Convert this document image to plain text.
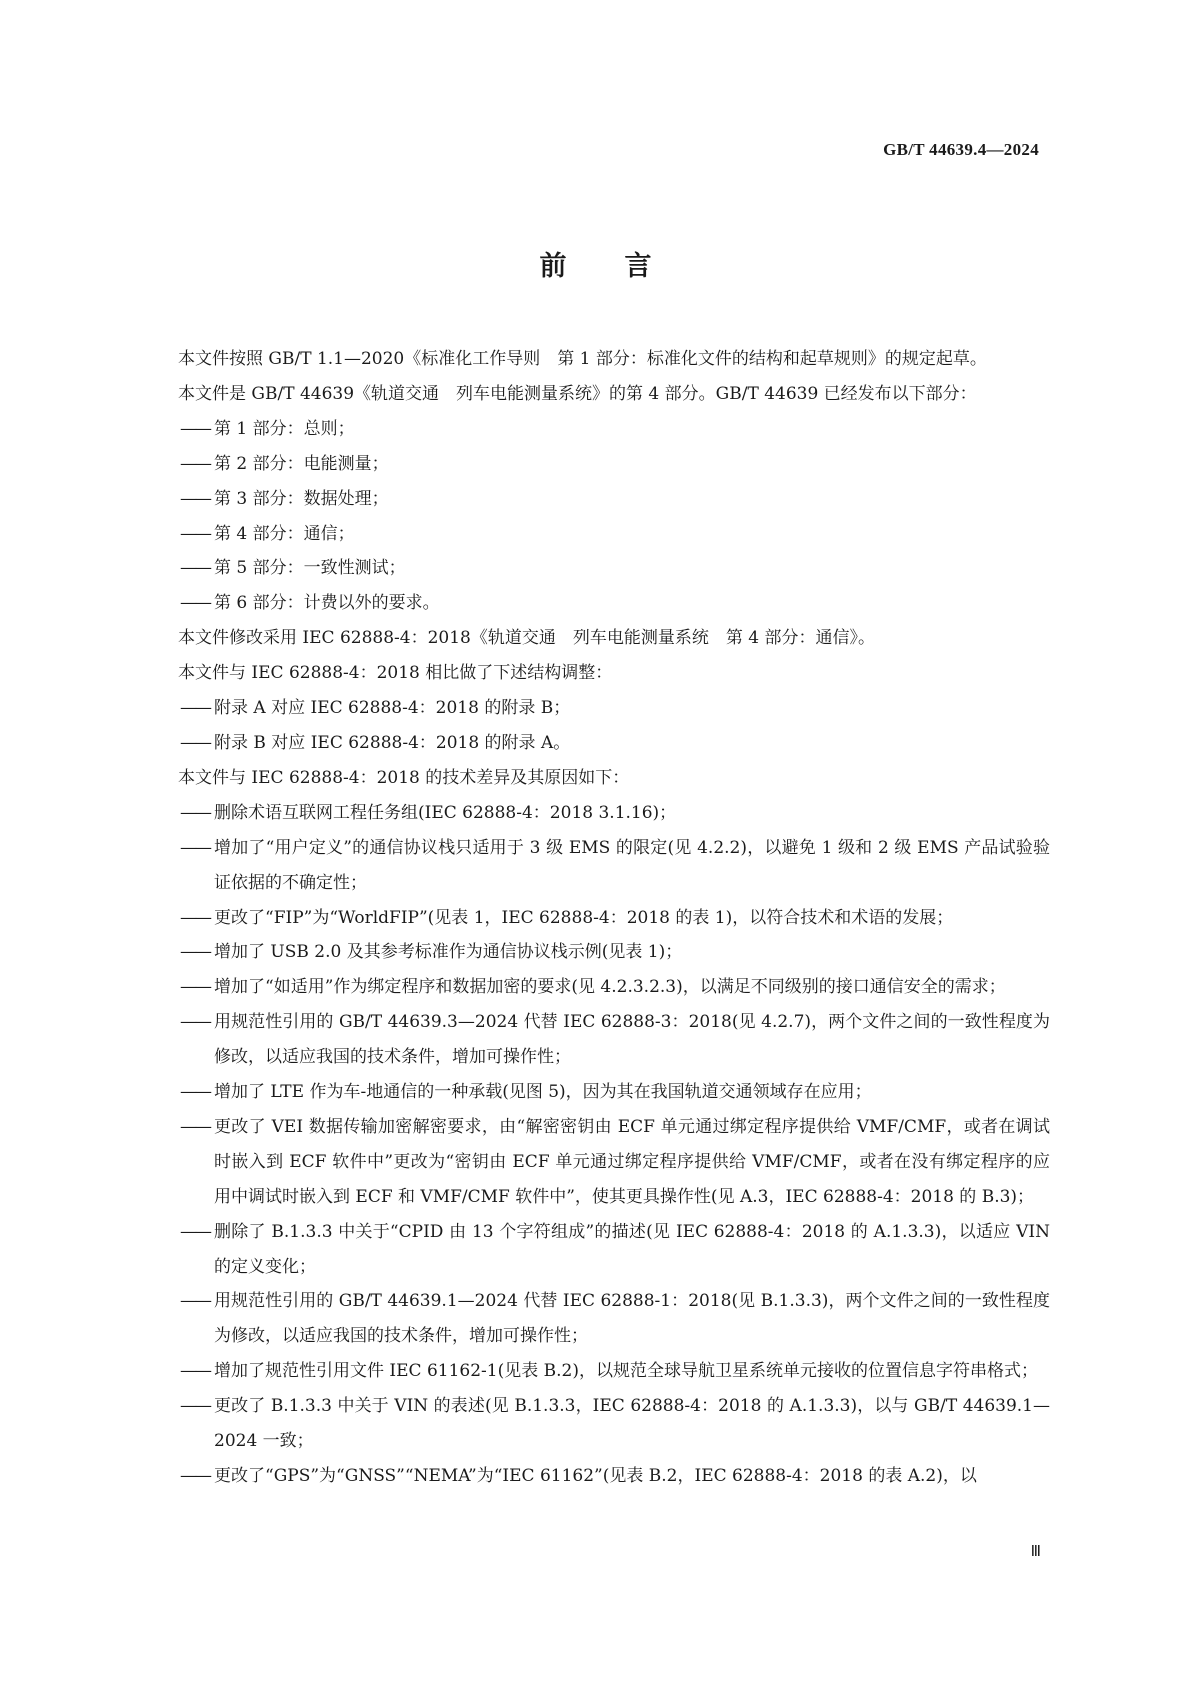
GB/T 44639.4—2024
前 言

本文件按照 GB/T 1.1—2020《标准化工作导则　第 1 部分：标准化文件的结构和起草规则》的规定起草。

本文件是 GB/T 44639《轨道交通　列车电能测量系统》的第 4 部分。GB/T 44639 已经发布以下部分：

—— 第 1 部分：总则；

—— 第 2 部分：电能测量；

—— 第 3 部分：数据处理；

—— 第 4 部分：通信；

—— 第 5 部分：一致性测试；

—— 第 6 部分：计费以外的要求。

本文件修改采用 IEC 62888-4：2018《轨道交通　列车电能测量系统　第 4 部分：通信》。

本文件与 IEC 62888-4：2018 相比做了下述结构调整：

—— 附录 A 对应 IEC 62888-4：2018 的附录 B；

—— 附录 B 对应 IEC 62888-4：2018 的附录 A。

本文件与 IEC 62888-4：2018 的技术差异及其原因如下：

—— 删除术语互联网工程任务组(IEC 62888-4：2018 3.1.16)；

—— 增加了“用户定义”的通信协议栈只适用于 3 级 EMS 的限定(见 4.2.2)，以避免 1 级和 2 级 EMS 产品试验验证依据的不确定性；

—— 更改了“FIP”为“WorldFIP”(见表 1，IEC 62888-4：2018 的表 1)，以符合技术和术语的发展；

—— 增加了 USB 2.0 及其参考标准作为通信协议栈示例(见表 1)；

—— 增加了“如适用”作为绑定程序和数据加密的要求(见 4.2.3.2.3)，以满足不同级别的接口通信安全的需求；

—— 用规范性引用的 GB/T 44639.3—2024 代替 IEC 62888-3：2018(见 4.2.7)，两个文件之间的一致性程度为修改，以适应我国的技术条件，增加可操作性；

—— 增加了 LTE 作为车-地通信的一种承载(见图 5)，因为其在我国轨道交通领域存在应用；

—— 更改了 VEI 数据传输加密解密要求，由“解密密钥由 ECF 单元通过绑定程序提供给 VMF/CMF，或者在调试时嵌入到 ECF 软件中”更改为“密钥由 ECF 单元通过绑定程序提供给 VMF/CMF，或者在没有绑定程序的应用中调试时嵌入到 ECF 和 VMF/CMF 软件中”，使其更具操作性(见 A.3，IEC 62888-4：2018 的 B.3)；

—— 删除了 B.1.3.3 中关于“CPID 由 13 个字符组成”的描述(见 IEC 62888-4：2018 的 A.1.3.3)，以适应 VIN 的定义变化；

—— 用规范性引用的 GB/T 44639.1—2024 代替 IEC 62888-1：2018(见 B.1.3.3)，两个文件之间的一致性程度为修改，以适应我国的技术条件，增加可操作性；

—— 增加了规范性引用文件 IEC 61162-1(见表 B.2)，以规范全球导航卫星系统单元接收的位置信息字符串格式；

—— 更改了 B.1.3.3 中关于 VIN 的表述(见 B.1.3.3，IEC 62888-4：2018 的 A.1.3.3)，以与 GB/T 44639.1—2024 一致；

—— 更改了“GPS”为“GNSS”“NEMA”为“IEC 61162”(见表 B.2，IEC 62888-4：2018 的表 A.2)，以

Ⅲ
